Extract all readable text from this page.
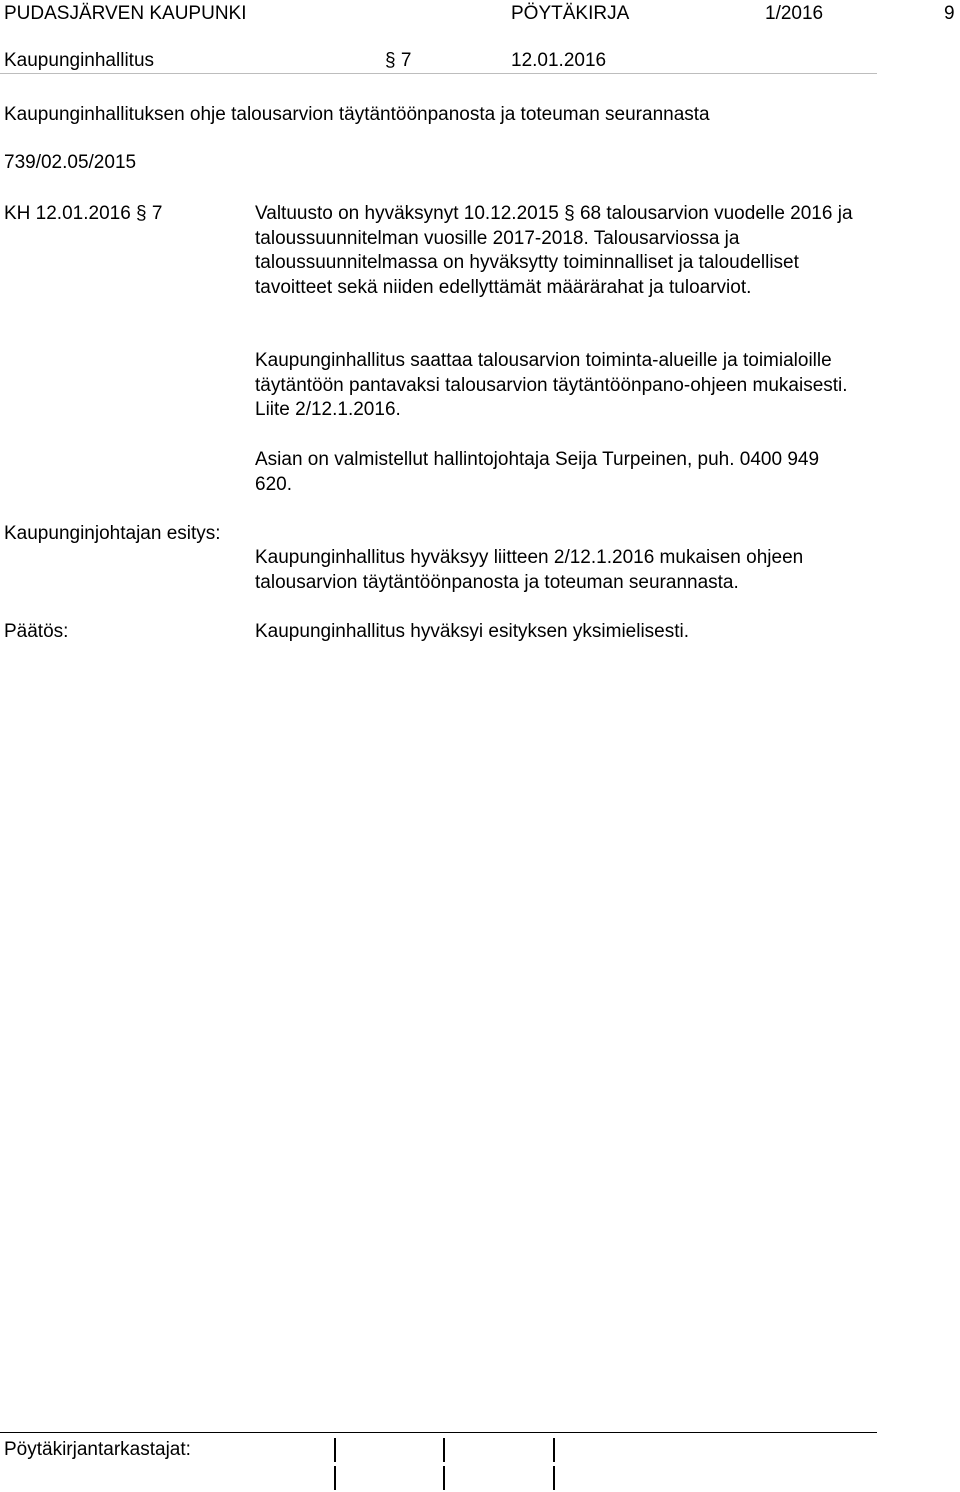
PUDASJÄRVEN KAUPUNKI	PÖYTÄKIRJA	1/2016	9
Kaupunginhallitus	§ 7	12.01.2016
Kaupunginhallituksen ohje talousarvion täytäntöönpanosta ja toteuman seurannasta
739/02.05/2015
KH 12.01.2016 § 7	Valtuusto on hyväksynyt 10.12.2015 § 68 talousarvion vuodelle 2016 ja taloussuunnitelman vuosille 2017-2018. Talousarviossa ja taloussuunnitelmassa on hyväksytty toiminnalliset ja taloudelliset tavoitteet sekä niiden edellyttämät määrärahat ja tuloarviot.

Kaupunginhallitus saattaa talousarvion toiminta-alueille ja toimialoille täytäntöön pantavaksi talousarvion täytäntöönpano-ohjeen mukaisesti. Liite 2/12.1.2016.

Asian on valmistellut hallintojohtaja Seija Turpeinen, puh. 0400 949 620.

Kaupunginjohtajan esitys:

Kaupunginhallitus hyväksyy liitteen 2/12.1.2016 mukaisen ohjeen talousarvion täytäntöönpanosta ja toteuman seurannasta.

Päätös:	Kaupunginhallitus hyväksyi esityksen yksimielisesti.
Pöytäkirjantarkastajat:
